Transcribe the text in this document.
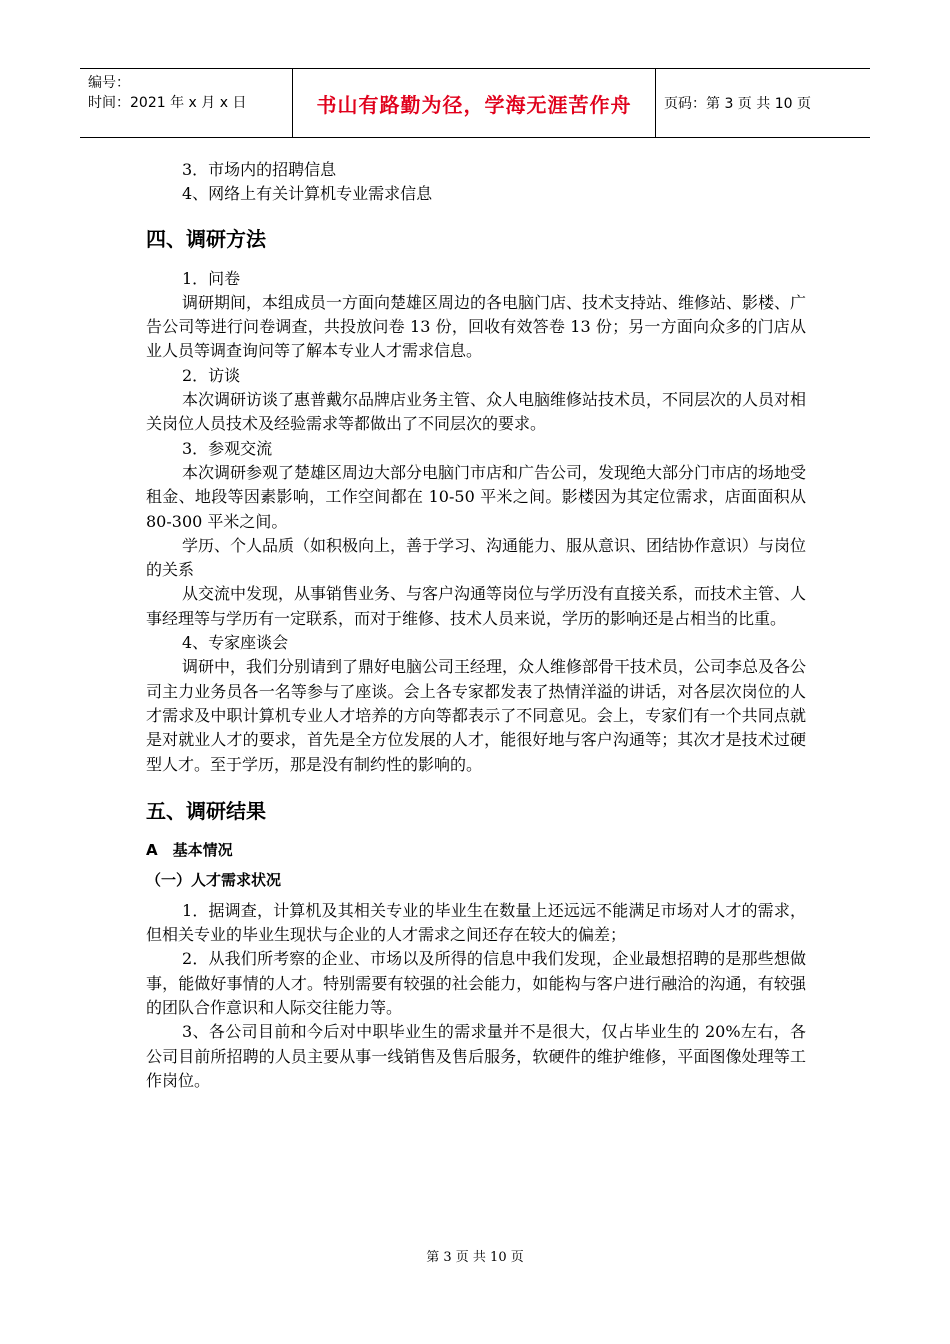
编号：
时间：2021 年 x 月 x 日	书山有路勤为径，学海无涯苦作舟	页码：第 3 页 共 10 页

3．市场内的招聘信息

4、网络上有关计算机专业需求信息

四、调研方法

1．问卷

调研期间，本组成员一方面向楚雄区周边的各电脑门店、技术支持站、维修站、影楼、广告公司等进行问卷调查，共投放问卷 13 份，回收有效答卷 13 份；另一方面向众多的门店从业人员等调查询问等了解本专业人才需求信息。

2．访谈

本次调研访谈了惠普戴尔品牌店业务主管、众人电脑维修站技术员，不同层次的人员对相关岗位人员技术及经验需求等都做出了不同层次的要求。

3．参观交流

本次调研参观了楚雄区周边大部分电脑门市店和广告公司，发现绝大部分门市店的场地受租金、地段等因素影响，工作空间都在 10-50 平米之间。影楼因为其定位需求，店面面积从 80-300 平米之间。

学历、个人品质（如积极向上，善于学习、沟通能力、服从意识、团结协作意识）与岗位的关系

从交流中发现，从事销售业务、与客户沟通等岗位与学历没有直接关系，而技术主管、人事经理等与学历有一定联系，而对于维修、技术人员来说，学历的影响还是占相当的比重。

4、专家座谈会

调研中，我们分别请到了鼎好电脑公司王经理，众人维修部骨干技术员，公司李总及各公司主力业务员各一名等参与了座谈。会上各专家都发表了热情洋溢的讲话，对各层次岗位的人才需求及中职计算机专业人才培养的方向等都表示了不同意见。会上，专家们有一个共同点就是对就业人才的要求，首先是全方位发展的人才，能很好地与客户沟通等；其次才是技术过硬型人才。至于学历，那是没有制约性的影响的。

五、调研结果
A　基本情况
（一）人才需求状况

1．据调查，计算机及其相关专业的毕业生在数量上还远远不能满足市场对人才的需求，但相关专业的毕业生现状与企业的人才需求之间还存在较大的偏差；

2．从我们所考察的企业、市场以及所得的信息中我们发现，企业最想招聘的是那些想做事，能做好事情的人才。特别需要有较强的社会能力，如能构与客户进行融洽的沟通，有较强的团队合作意识和人际交往能力等。

3、各公司目前和今后对中职毕业生的需求量并不是很大，仅占毕业生的 20%左右，各公司目前所招聘的人员主要从事一线销售及售后服务，软硬件的维护维修，平面图像处理等工作岗位。

第 3 页 共 10 页
